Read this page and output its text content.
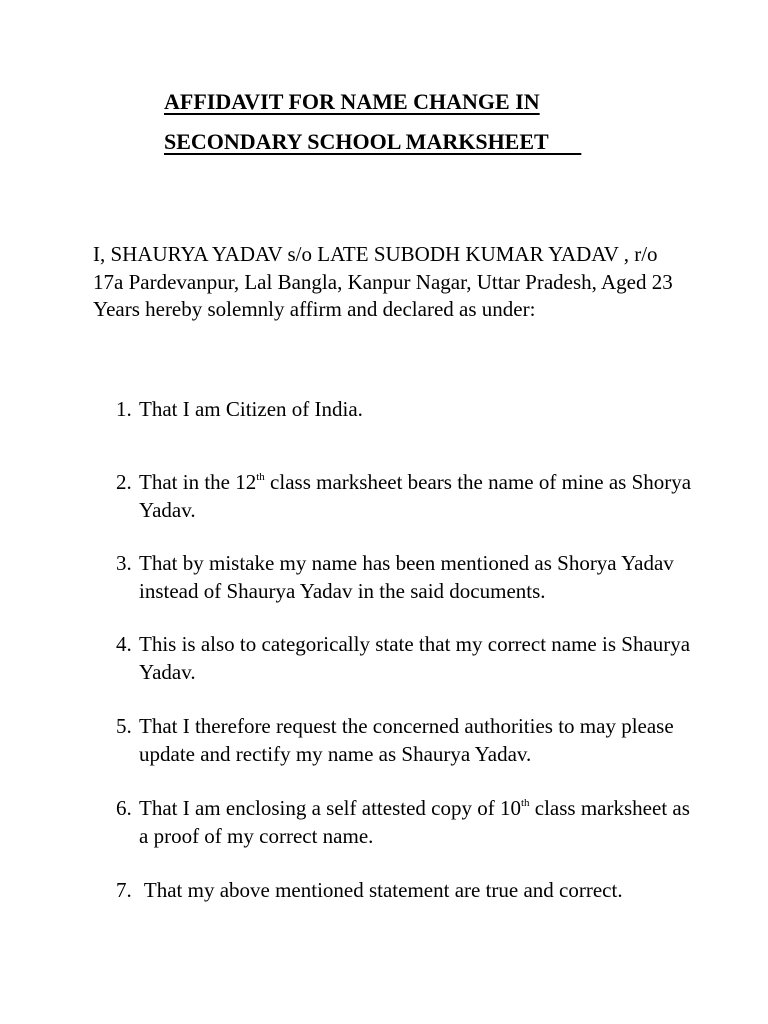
AFFIDAVIT FOR NAME CHANGE IN
SECONDARY SCHOOL MARKSHEET

I, SHAURYA YADAV s/o LATE SUBODH KUMAR YADAV , r/o 17a Pardevanpur, Lal Bangla, Kanpur Nagar, Uttar Pradesh, Aged 23 Years hereby solemnly affirm and declared as under:

1. That I am Citizen of India.
2. That in the 12th class marksheet bears the name of mine as Shorya Yadav.
3. That by mistake my name has been mentioned as Shorya Yadav instead of Shaurya Yadav in the said documents.
4. This is also to categorically state that my correct name is Shaurya Yadav.
5. That I therefore request the concerned authorities to may please update and rectify my name as Shaurya Yadav.
6. That I am enclosing a self attested copy of 10th class marksheet as a proof of my correct name.
7. That my above mentioned statement are true and correct.
